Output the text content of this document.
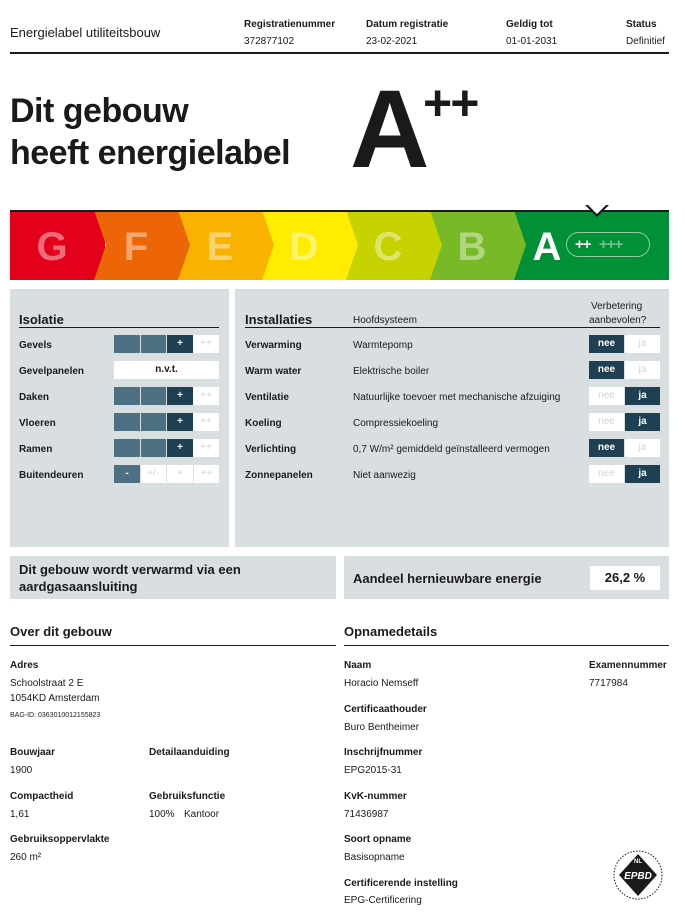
Energielabel utiliteitsbouw
Registratienummer
372877102
Datum registratie
23-02-2021
Geldig tot
01-01-2031
Status
Definitief
Dit gebouw
heeft energielabel A
++
G	F	E	D	C	B	A ++ +++
Isolatie
Gevels	+	++
Gevelpanelen	n.v.t.
Daken	+	++
Vloeren	+	++
Ramen	+	++
Buitendeuren	-	+/-	+	++
Installaties	Hoofdsysteem
Verbetering
aanbevolen?
Verwarming	Warmtepomp	nee	ja
Warm water	Elektrische boiler	nee	ja
Ventilatie	Natuurlijke toevoer met mechanische afzuiging	nee	ja
Koeling	Compressiekoeling	nee	ja
Verlichting	0,7 W/m² gemiddeld geïnstalleerd vermogen	nee	ja
Zonnepanelen	Niet aanwezig	nee	ja
Dit gebouw wordt verwarmd via een
aardgasaansluiting
Aandeel hernieuwbare energie	26,2 %
Over dit gebouw
Adres
Schoolstraat 2 E
1054KD Amsterdam
BAG-ID: 0363010012155823
Bouwjaar
1900
Detailaanduiding
Compactheid
1,61
Gebruiksfunctie
100% Kantoor
Gebruiksoppervlakte
260 m²
Opnamedetails
Naam
Horacio Nemseff
Examennummer
7717984
Certificaathouder
Buro Bentheimer
Inschrijfnummer
EPG2015-31
KvK-nummer
71436987
Soort opname
Basisopname
Certificerende instelling
EPG-Certificering
NL
EPBD
